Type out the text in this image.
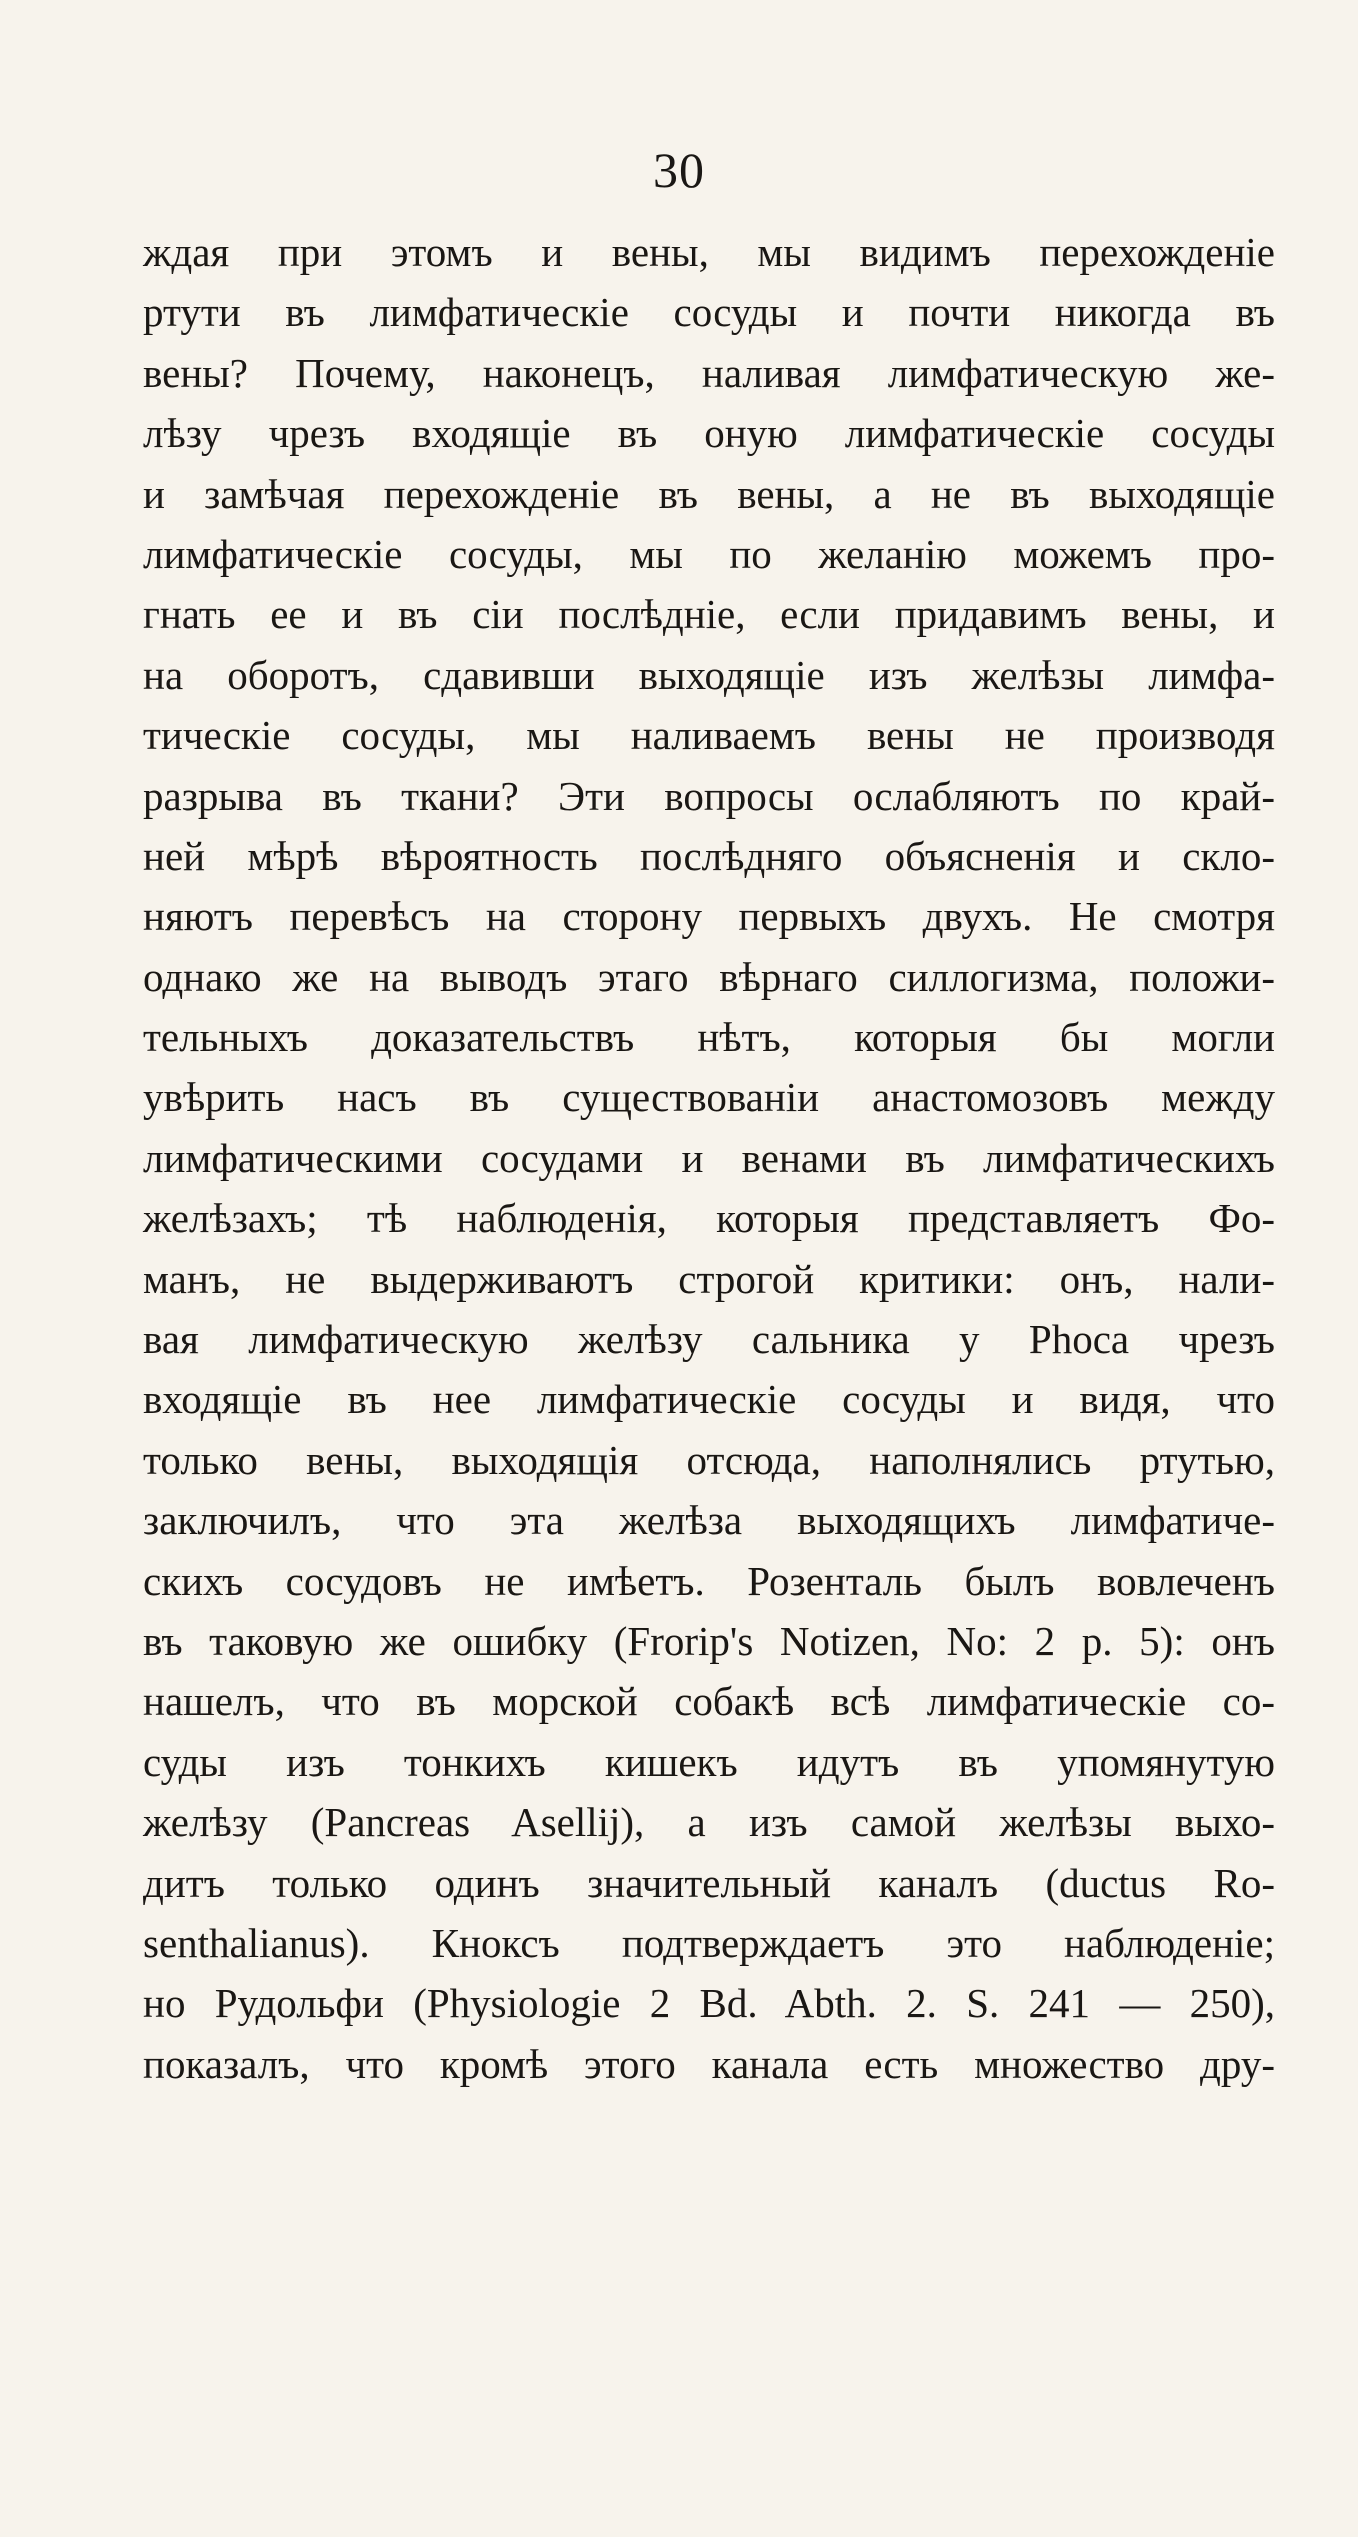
30
ждая при этомъ и вены, мы видимъ перехожденіе
ртути въ лимфатическіе сосуды и почти никогда въ
вены? Почему, наконецъ, наливая лимфатическую же-
лѣзу чрезъ входящіе въ оную лимфатическіе сосуды
и замѣчая перехожденіе въ вены, а не въ выходящіе
лимфатическіе сосуды, мы по желанію можемъ про-
гнать ее и въ сіи послѣдніе, если придавимъ вены, и
на оборотъ, сдавивши выходящіе изъ желѣзы лимфа-
тическіе сосуды, мы наливаемъ вены не производя
разрыва въ ткани? Эти вопросы ослабляютъ по край-
ней мѣрѣ вѣроятность послѣдняго объясненія и скло-
няютъ перевѣсъ на сторону первыхъ двухъ. Не смотря
однако же на выводъ этаго вѣрнаго силлогизма, положи-
тельныхъ доказательствъ нѣтъ, которыя бы могли
увѣрить насъ въ существованіи анастомозовъ между
лимфатическими сосудами и венами въ лимфатическихъ
желѣзахъ; тѣ наблюденія, которыя представляетъ Фо-
манъ, не выдерживаютъ строгой критики: онъ, нали-
вая лимфатическую желѣзу сальника у Phoca чрезъ
входящіе въ нее лимфатическіе сосуды и видя, что
только вены, выходящія отсюда, наполнялись ртутью,
заключилъ, что эта желѣза выходящихъ лимфатиче-
скихъ сосудовъ не имѣетъ. Розенталь былъ вовлеченъ
въ таковую же ошибку (Frorip's Notizen, No: 2 p. 5): онъ
нашелъ, что въ морской собакѣ всѣ лимфатическіе со-
суды изъ тонкихъ кишекъ идутъ въ упомянутую
желѣзу (Pancreas Asellij), а изъ самой желѣзы выхо-
дитъ только одинъ значительный каналъ (ductus Ro-
senthalianus). Кноксъ подтверждаетъ это наблюденіе;
но Рудольфи (Physiologie 2 Bd. Abth. 2. S. 241 — 250),
показалъ, что кромѣ этого канала есть множество дру-
